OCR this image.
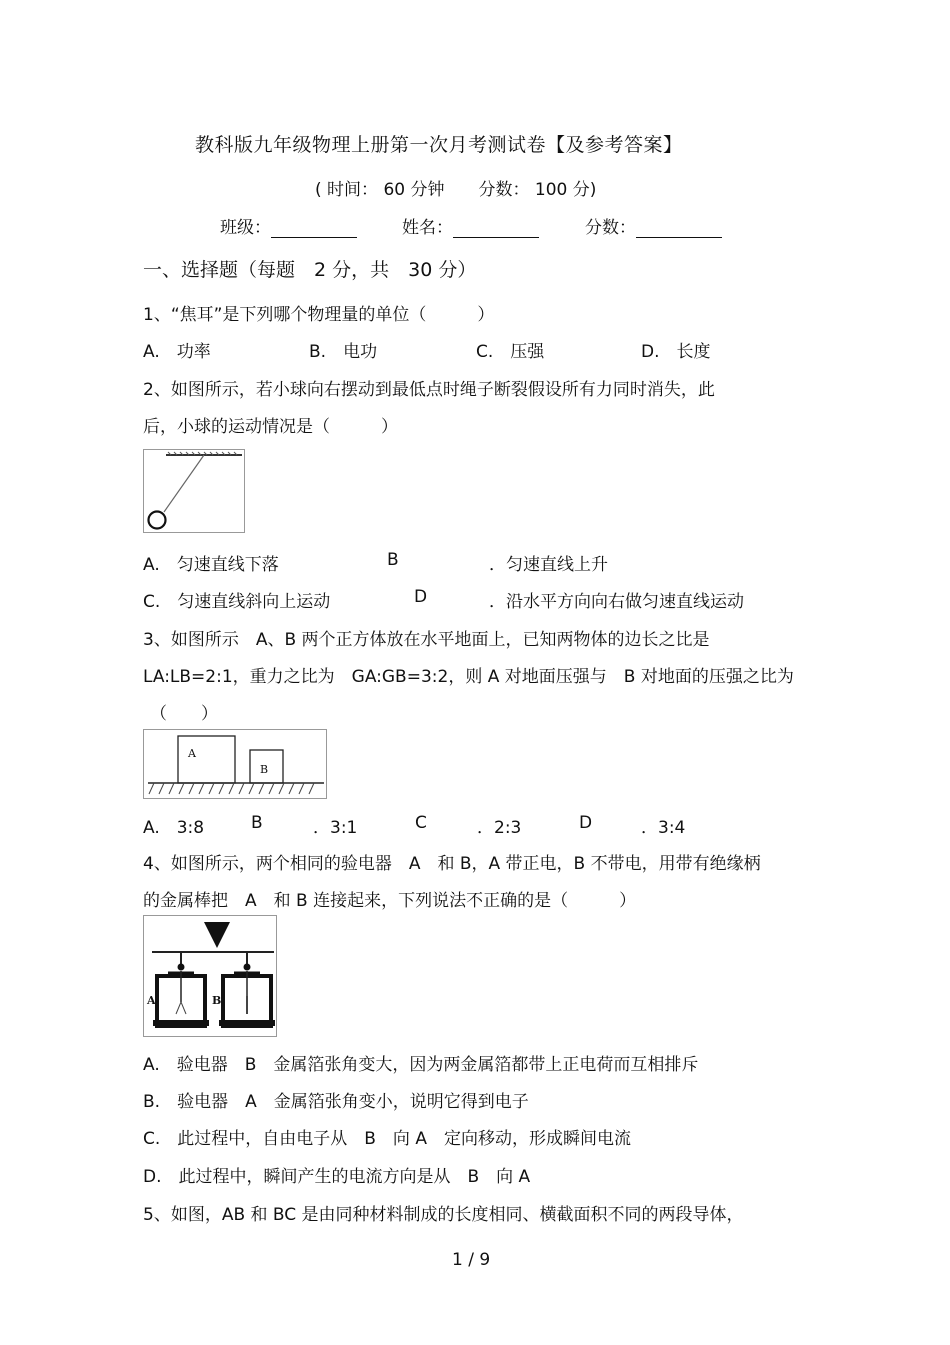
教科版九年级物理上册第一次月考测试卷【及参考答案】
( 时间： 60 分钟　　分数： 100 分)
班级：	姓名：	分数：
一、选择题（每题　2 分，共　30 分）
1、“焦耳”是下列哪个物理量的单位（　　　）
A.　功率	B.　电功	C.　压强	D.　长度
2、如图所示，若小球向右摆动到最低点时绳子断裂假设所有力同时消失，此
后，小球的运动情况是（　　　）
A.　匀速直线下落	B	．匀速直线上升
C.　匀速直线斜向上运动	D	．沿水平方向向右做匀速直线运动
3、如图所示　A、B 两个正方体放在水平地面上，已知两物体的边长之比是
LA:LB=2:1，重力之比为　GA:GB=3:2，则 A 对地面压强与　B 对地面的压强之比为
（　　）
A
B
A.　3:8	B	．3:1	C	．2:3	D	．3:4
4、如图所示，两个相同的验电器　A　和 B，A 带正电，B 不带电，用带有绝缘柄
的金属棒把　A　和 B 连接起来，下列说法不正确的是（　　　）
A	B
A.　验电器　B　金属箔张角变大，因为两金属箔都带上正电荷而互相排斥
B.　验电器　A　金属箔张角变小，说明它得到电子
C.　此过程中，自由电子从　B　向 A　定向移动，形成瞬间电流
D.　此过程中，瞬间产生的电流方向是从　B　向 A
5、如图，AB 和 BC 是由同种材料制成的长度相同、横截面积不同的两段导体，
1 / 9
